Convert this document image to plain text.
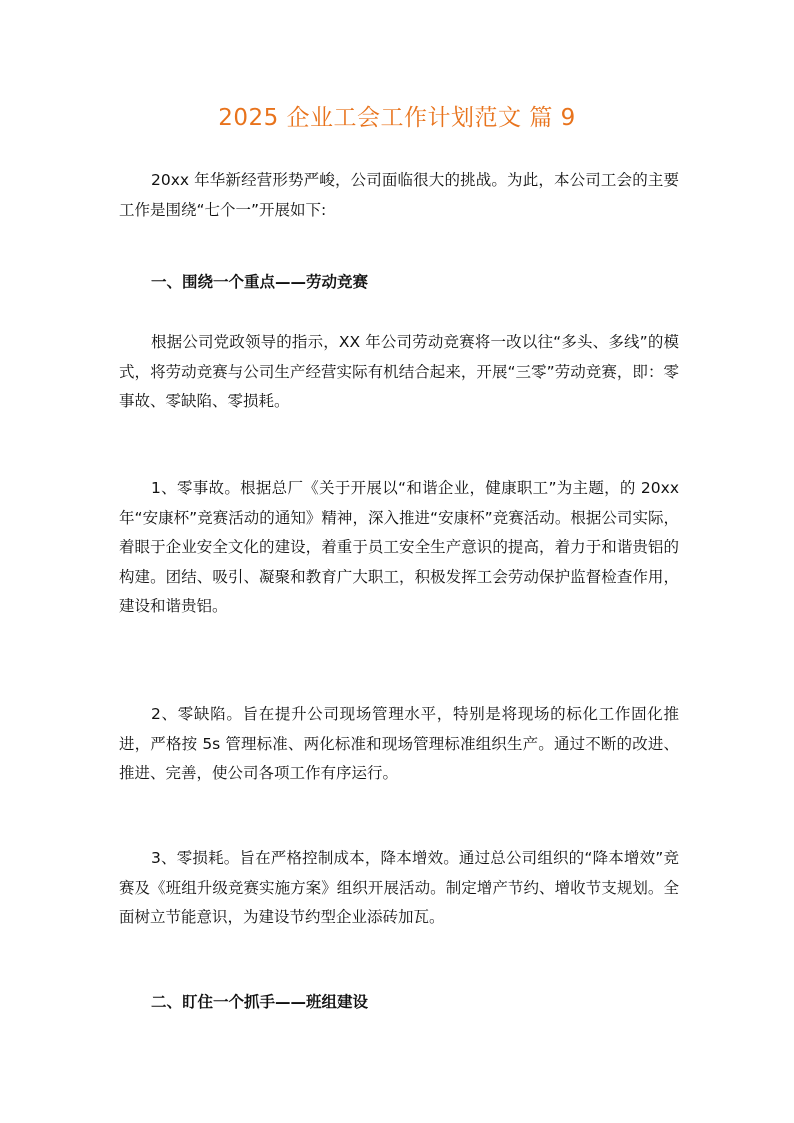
2025 企业工会工作计划范文 篇 9

20xx 年华新经营形势严峻，公司面临很大的挑战。为此，本公司工会的主要工作是围绕“七个一”开展如下:

一、围绕一个重点——劳动竞赛

根据公司党政领导的指示，XX 年公司劳动竞赛将一改以往“多头、多线”的模式，将劳动竞赛与公司生产经营实际有机结合起来，开展“三零”劳动竞赛，即：零事故、零缺陷、零损耗。

1、零事故。根据总厂《关于开展以“和谐企业，健康职工”为主题，的 20xx 年“安康杯”竞赛活动的通知》精神，深入推进“安康杯”竞赛活动。根据公司实际，着眼于企业安全文化的建设，着重于员工安全生产意识的提高，着力于和谐贵铝的构建。团结、吸引、凝聚和教育广大职工，积极发挥工会劳动保护监督检查作用，建设和谐贵铝。

2、零缺陷。旨在提升公司现场管理水平，特别是将现场的标化工作固化推进，严格按 5s 管理标准、两化标准和现场管理标准组织生产。通过不断的改进、推进、完善，使公司各项工作有序运行。

3、零损耗。旨在严格控制成本，降本增效。通过总公司组织的“降本增效”竞赛及《班组升级竞赛实施方案》组织开展活动。制定增产节约、增收节支规划。全面树立节能意识，为建设节约型企业添砖加瓦。

二、盯住一个抓手——班组建设
